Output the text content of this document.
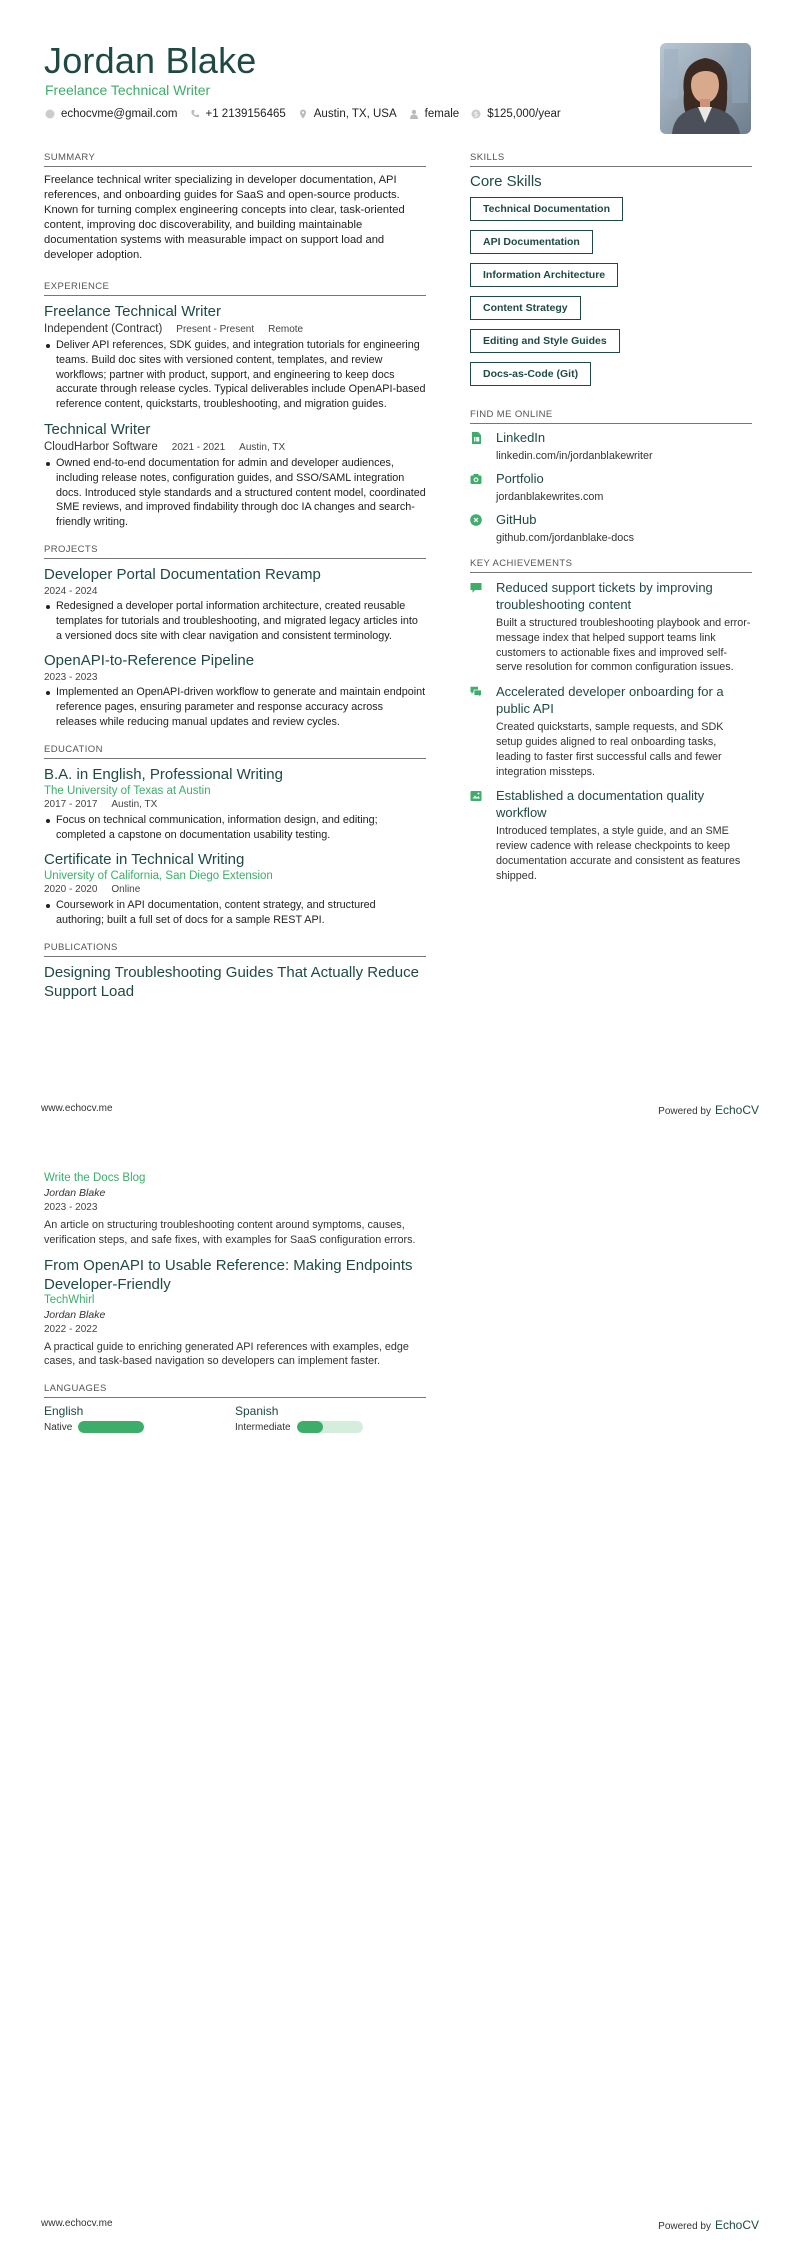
Jordan Blake
Freelance Technical Writer
echocvme@gmail.com +1 2139156465 Austin, TX, USA female $ $125,000/year
SUMMARY
Freelance technical writer specializing in developer documentation, API references, and onboarding guides for SaaS and open-source products. Known for turning complex engineering concepts into clear, task-oriented content, improving doc discoverability, and building maintainable documentation systems with measurable impact on support load and developer adoption.
EXPERIENCE
Freelance Technical Writer
Independent (Contract) Present - Present Remote
Deliver API references, SDK guides, and integration tutorials for engineering teams. Build doc sites with versioned content, templates, and review workflows; partner with product, support, and engineering to keep docs accurate through release cycles. Typical deliverables include OpenAPI-based reference content, quickstarts, troubleshooting, and migration guides.
Technical Writer
CloudHarbor Software 2021 - 2021 Austin, TX
Owned end-to-end documentation for admin and developer audiences, including release notes, configuration guides, and SSO/SAML integration docs. Introduced style standards and a structured content model, coordinated SME reviews, and improved findability through doc IA changes and search-friendly writing.
PROJECTS
Developer Portal Documentation Revamp
2024 - 2024
Redesigned a developer portal information architecture, created reusable templates for tutorials and troubleshooting, and migrated legacy articles into a versioned docs site with clear navigation and consistent terminology.
OpenAPI-to-Reference Pipeline
2023 - 2023
Implemented an OpenAPI-driven workflow to generate and maintain endpoint reference pages, ensuring parameter and response accuracy across releases while reducing manual updates and review cycles.
EDUCATION
B.A. in English, Professional Writing
The University of Texas at Austin
2017 - 2017 Austin, TX
Focus on technical communication, information design, and editing; completed a capstone on documentation usability testing.
Certificate in Technical Writing
University of California, San Diego Extension
2020 - 2020 Online
Coursework in API documentation, content strategy, and structured authoring; built a full set of docs for a sample REST API.
PUBLICATIONS
Designing Troubleshooting Guides That Actually Reduce Support Load
SKILLS
Core Skills
Technical Documentation
API Documentation
Information Architecture
Content Strategy
Editing and Style Guides
Docs-as-Code (Git)
FIND ME ONLINE
LinkedIn
linkedin.com/in/jordanblakewriter
Portfolio
jordanblakewrites.com
GitHub
github.com/jordanblake-docs
KEY ACHIEVEMENTS
Reduced support tickets by improving troubleshooting content
Built a structured troubleshooting playbook and error-message index that helped support teams link customers to actionable fixes and improved self-serve resolution for common configuration issues.
Accelerated developer onboarding for a public API
Created quickstarts, sample requests, and SDK setup guides aligned to real onboarding tasks, leading to faster first successful calls and fewer integration missteps.
Established a documentation quality workflow
Introduced templates, a style guide, and an SME review cadence with release checkpoints to keep documentation accurate and consistent as features shipped.
www.echocv.me	Powered by EchoCV
Write the Docs Blog
Jordan Blake
2023 - 2023
An article on structuring troubleshooting content around symptoms, causes, verification steps, and safe fixes, with examples for SaaS configuration errors.
From OpenAPI to Usable Reference: Making Endpoints Developer-Friendly
TechWhirl
Jordan Blake
2022 - 2022
A practical guide to enriching generated API references with examples, edge cases, and task-based navigation so developers can implement faster.
LANGUAGES
English
Native
Spanish
Intermediate
www.echocv.me	Powered by EchoCV
